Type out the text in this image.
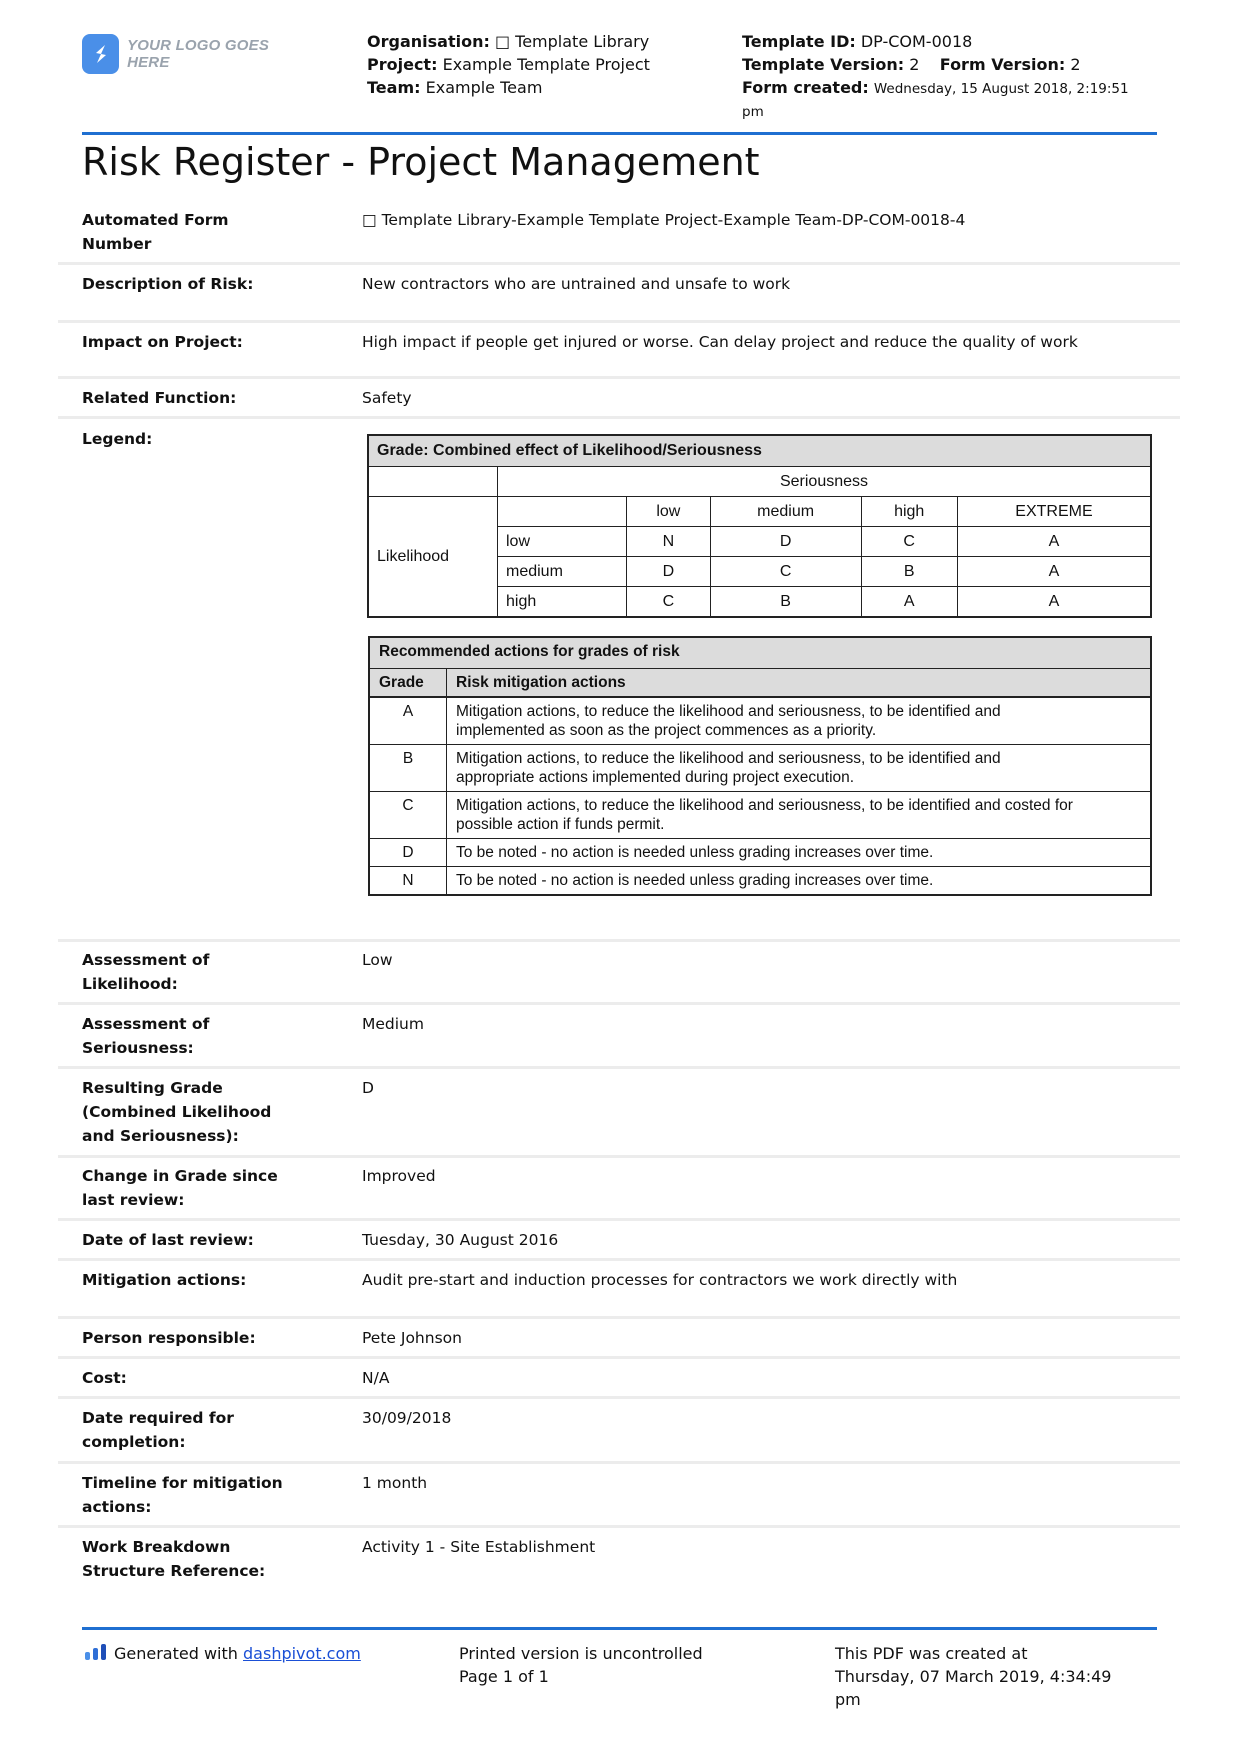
YOUR LOGO GOES HERE
Organisation: □ Template Library
Project: Example Template Project
Team: Example Team
Template ID: DP-COM-0018
Template Version: 2 Form Version: 2
Form created: Wednesday, 15 August 2018, 2:19:51
pm
Risk Register - Project Management
Automated Form
Number
□ Template Library-Example Template Project-Example Team-DP-COM-0018-4
Description of Risk:	New contractors who are untrained and unsafe to work
Impact on Project:	High impact if people get injured or worse. Can delay project and reduce the quality of work
Related Function:	Safety
Legend:
Grade: Combined effect of Likelihood/Seriousness					
	Seriousness				
Likelihood		low	medium	high	EXTREME
	low	N	D	C	A
	medium	D	C	B	A
	high	C	B	A	A
Recommended actions for grades of risk	
Grade	Risk mitigation actions
A	Mitigation actions, to reduce the likelihood and seriousness, to be identified and
implemented as soon as the project commences as a priority.

B	Mitigation actions, to reduce the likelihood and seriousness, to be identified and
appropriate actions implemented during project execution.

C	Mitigation actions, to reduce the likelihood and seriousness, to be identified and costed for
possible action if funds permit.

D	To be noted - no action is needed unless grading increases over time.
N	To be noted - no action is needed unless grading increases over time.
Assessment of
Likelihood:
Low
Assessment of
Seriousness:
Medium
Resulting Grade
(Combined Likelihood
and Seriousness):
D
Change in Grade since
last review:
Improved
Date of last review:	Tuesday, 30 August 2016
Mitigation actions:	Audit pre-start and induction processes for contractors we work directly with
Person responsible:	Pete Johnson
Cost:	N/A
Date required for
completion:
30/09/2018
Timeline for mitigation
actions:
1 month
Work Breakdown
Structure Reference:
Activity 1 - Site Establishment
Generated with dashpivot.com	Printed version is uncontrolled
Page 1 of 1
This PDF was created at
Thursday, 07 March 2019, 4:34:49
pm
